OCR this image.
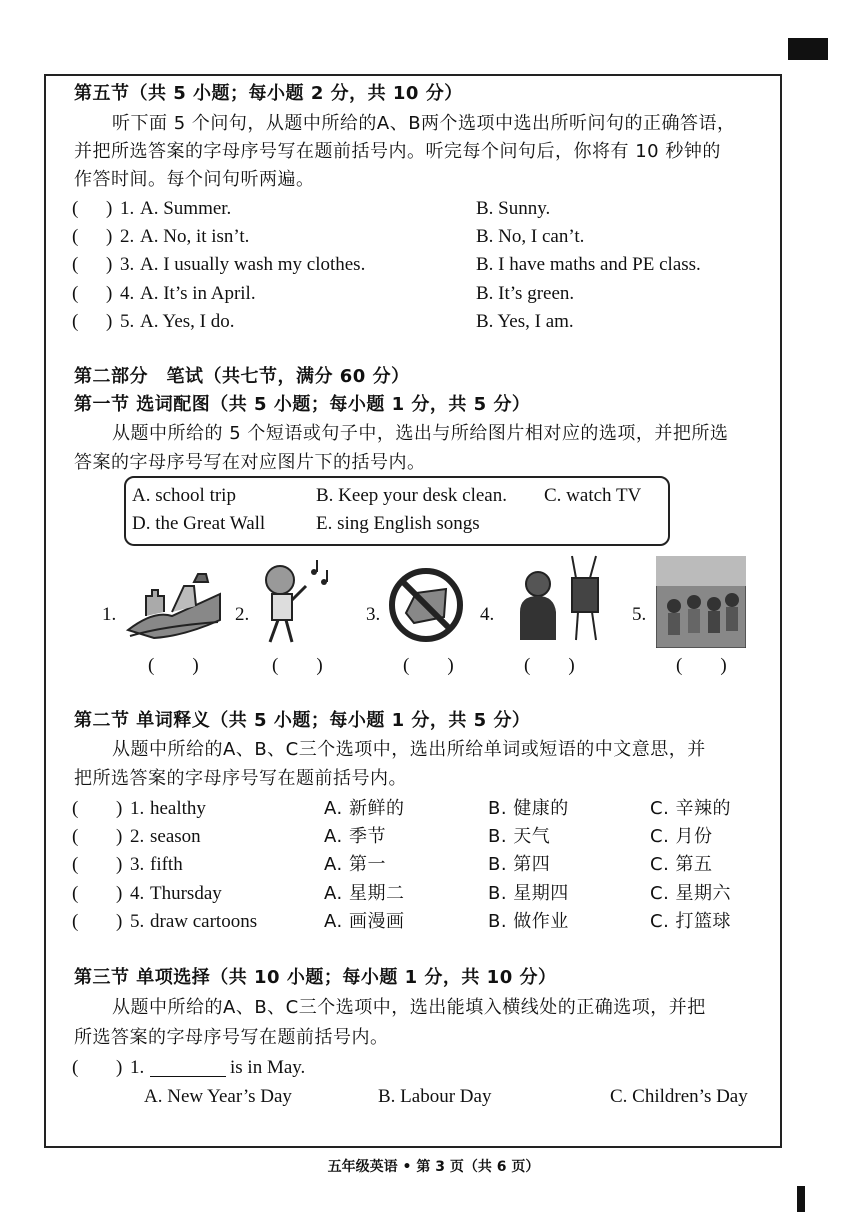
第五节（共 5 小题；每小题 2 分，共 10 分）
听下面 5 个问句，从题中所给的A、B两个选项中选出所听问句的正确答语，
并把所选答案的字母序号写在题前括号内。听完每个问句后，你将有 10 秒钟的
作答时间。每个问句听两遍。
( ) 1. A. Summer.	B. Sunny.
( ) 2. A. No, it isn’t.	B. No, I can’t.
( ) 3. A. I usually wash my clothes.	B. I have maths and PE class.
( ) 4. A. It’s in April.	B. It’s green.
( ) 5. A. Yes, I do.	B. Yes, I am.
第二部分　笔试（共七节，满分 60 分）
第一节 选词配图（共 5 小题；每小题 1 分，共 5 分）
从题中所给的 5 个短语或句子中，选出与所给图片相对应的选项，并把所选
答案的字母序号写在对应图片下的括号内。
A. school trip	B. Keep your desk clean. C. watch TV
D. the Great Wall	E. sing English songs
1.	2.	3.	4.	5.
(　　)	(　　)	(　　)	(　　)	(　　)
第二节 单词释义（共 5 小题；每小题 1 分，共 5 分）
从题中所给的A、B、C三个选项中，选出所给单词或短语的中文意思，并
把所选答案的字母序号写在题前括号内。
( ) 1. healthy	A. 新鲜的	B. 健康的	C. 辛辣的
( ) 2. season	A. 季节	B. 天气	C. 月份
( ) 3. fifth	A. 第一	B. 第四	C. 第五
( ) 4. Thursday	A. 星期二	B. 星期四	C. 星期六
( ) 5. draw cartoons	A. 画漫画	B. 做作业	C. 打篮球
第三节 单项选择（共 10 小题；每小题 1 分，共 10 分）
从题中所给的A、B、C三个选项中，选出能填入横线处的正确选项，并把
所选答案的字母序号写在题前括号内。
( ) 1.	is in May.
A. New Year’s Day	B. Labour Day	C. Children’s Day
五年级英语 • 第 3 页（共 6 页）
